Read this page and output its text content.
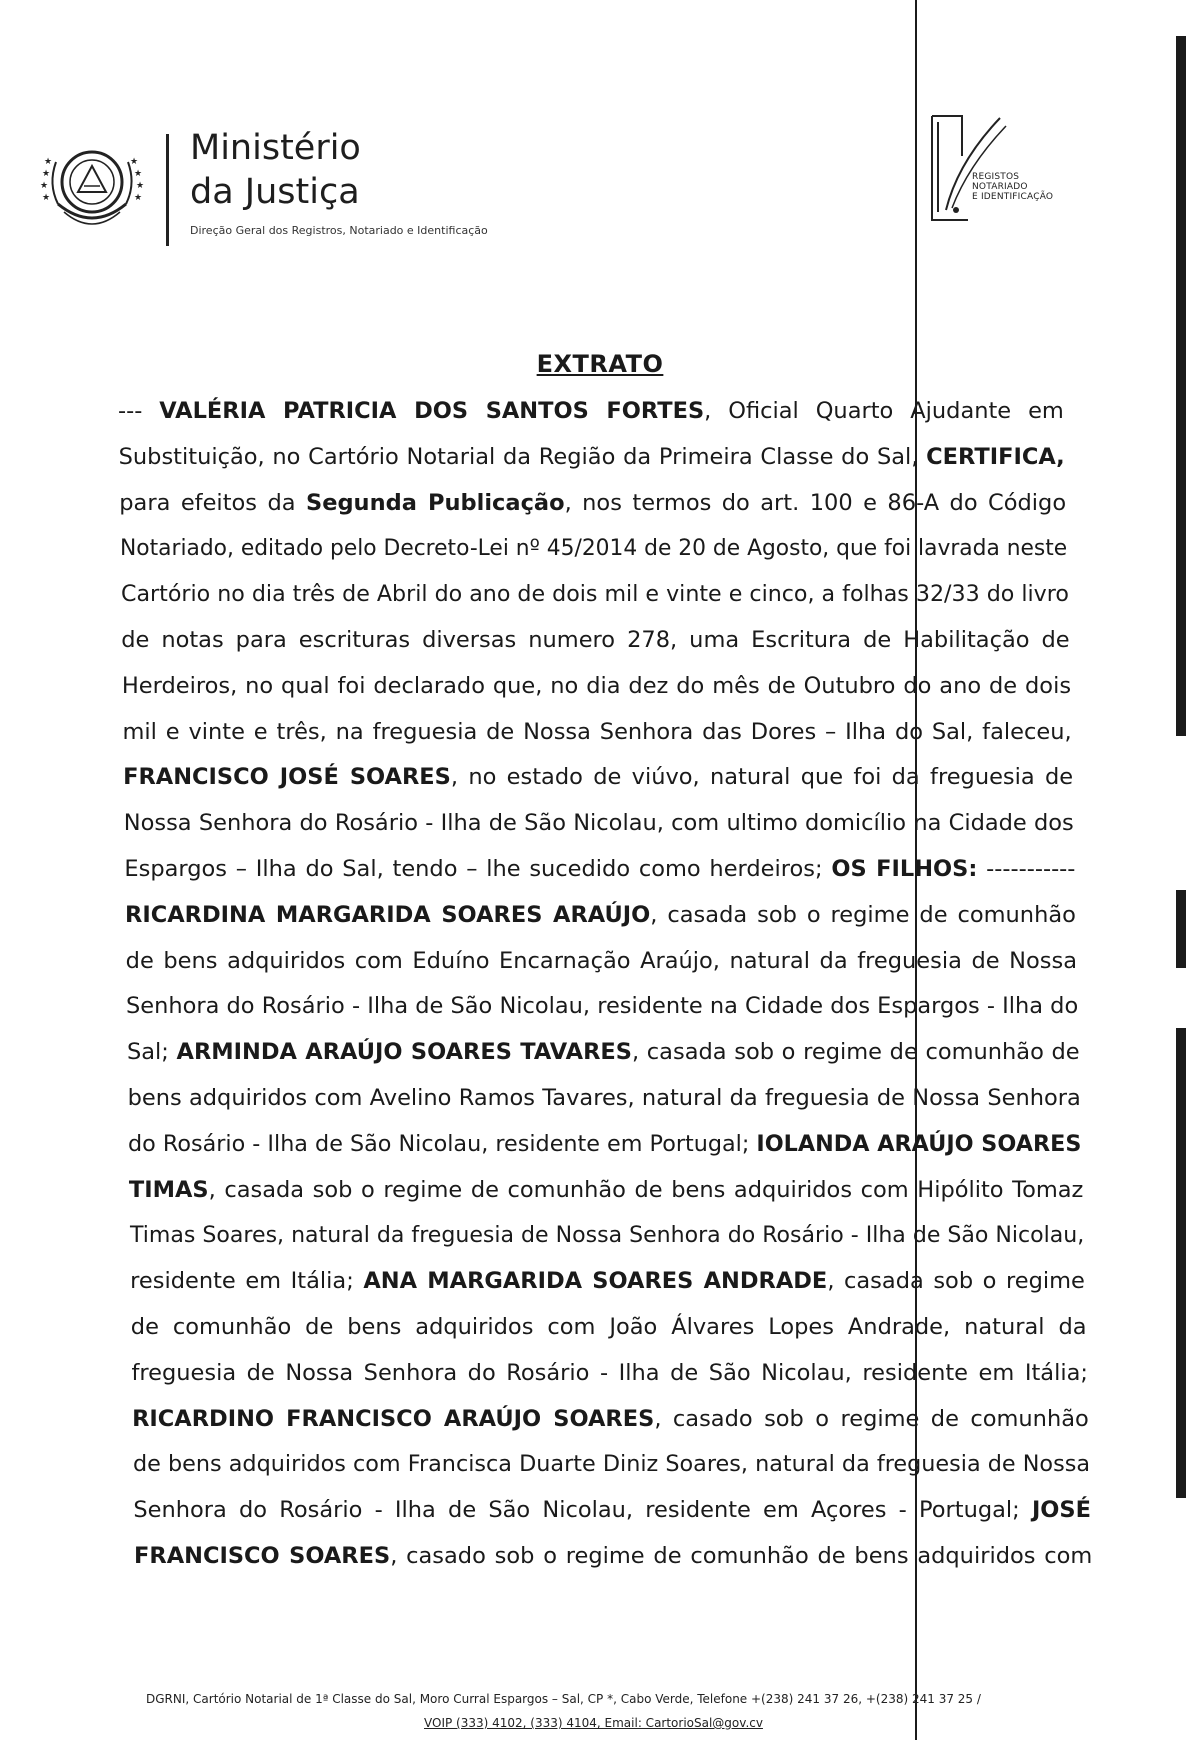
★
★
★
★
★
★
★
★	Ministério
da Justiça
Direção Geral dos Registros, Notariado e Identificação
REGISTOS
NOTARIADO
E IDENTIFICAÇÃO
EXTRATO
--- VALÉRIA PATRICIA DOS SANTOS FORTES, Oficial Quarto Ajudante em
Substituição, no Cartório Notarial da Região da Primeira Classe do Sal, CERTIFICA,
para efeitos da Segunda Publicação, nos termos do art. 100 e 86-A do Código
Notariado, editado pelo Decreto-Lei nº 45/2014 de 20 de Agosto, que foi lavrada neste
Cartório no dia três de Abril do ano de dois mil e vinte e cinco, a folhas 32/33 do livro
de notas para escrituras diversas numero 278, uma Escritura de Habilitação de
Herdeiros, no qual foi declarado que, no dia dez do mês de Outubro do ano de dois
mil e vinte e três, na freguesia de Nossa Senhora das Dores – Ilha do Sal, faleceu,
FRANCISCO JOSÉ SOARES, no estado de viúvo, natural que foi da freguesia de
Nossa Senhora do Rosário - Ilha de São Nicolau, com ultimo domicílio na Cidade dos
Espargos – Ilha do Sal, tendo – lhe sucedido como herdeiros; OS FILHOS: -----------
RICARDINA MARGARIDA SOARES ARAÚJO, casada sob o regime de comunhão
de bens adquiridos com Eduíno Encarnação Araújo, natural da freguesia de Nossa
Senhora do Rosário - Ilha de São Nicolau, residente na Cidade dos Espargos - Ilha do
Sal; ARMINDA ARAÚJO SOARES TAVARES, casada sob o regime de comunhão de
bens adquiridos com Avelino Ramos Tavares, natural da freguesia de Nossa Senhora
do Rosário - Ilha de São Nicolau, residente em Portugal; IOLANDA ARAÚJO SOARES
TIMAS, casada sob o regime de comunhão de bens adquiridos com Hipólito Tomaz
Timas Soares, natural da freguesia de Nossa Senhora do Rosário - Ilha de São Nicolau,
residente em Itália; ANA MARGARIDA SOARES ANDRADE, casada sob o regime
de comunhão de bens adquiridos com João Álvares Lopes Andrade, natural da
freguesia de Nossa Senhora do Rosário - Ilha de São Nicolau, residente em Itália;
RICARDINO FRANCISCO ARAÚJO SOARES, casado sob o regime de comunhão
de bens adquiridos com Francisca Duarte Diniz Soares, natural da freguesia de Nossa
Senhora do Rosário - Ilha de São Nicolau, residente em Açores - Portugal; JOSÉ
FRANCISCO SOARES, casado sob o regime de comunhão de bens adquiridos com
DGRNI, Cartório Notarial de 1ª Classe do Sal, Moro Curral Espargos – Sal, CP *, Cabo Verde, Telefone +(238) 241 37 26, +(238) 241 37 25 /
VOIP (333) 4102, (333) 4104, Email: CartorioSal@gov.cv
